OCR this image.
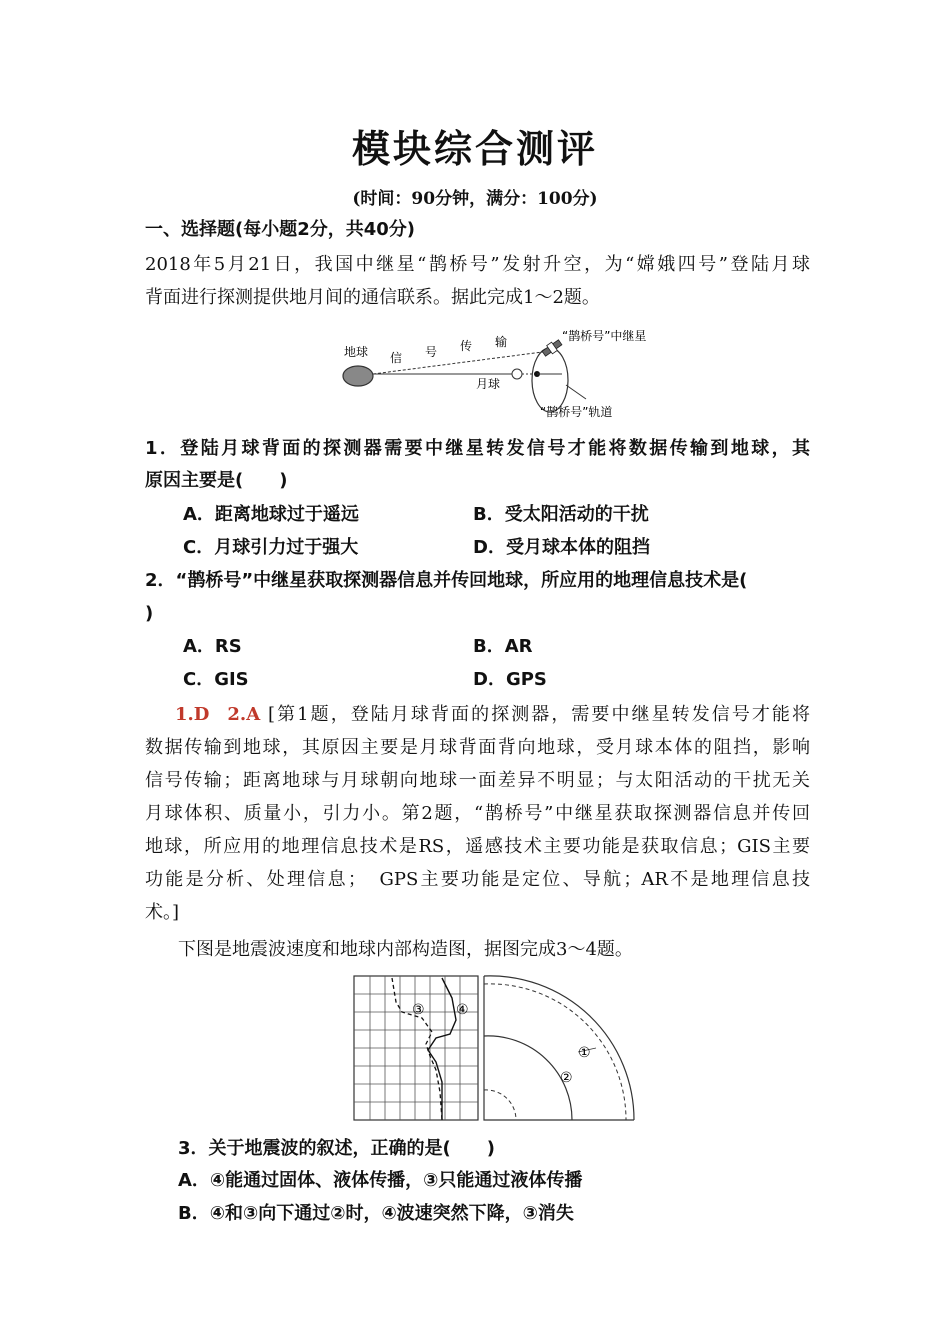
模块综合测评
(时间：90分钟，满分：100分)
一、选择题(每小题2分，共40分)
2018年5月21日，我国中继星“鹊桥号”发射升空，为“嫦娥四号”登陆月球
背面进行探测提供地月间的通信联系。据此完成1～2题。
地球 信 号 传 输
月球
“鹊桥号”中继星
“鹊桥号”轨道
1．登陆月球背面的探测器需要中继星转发信号才能将数据传输到地球，其
原因主要是(　　)
A．距离地球过于遥远	B．受太阳活动的干扰
C．月球引力过于强大	D．受月球本体的阻挡
2．“鹊桥号”中继星获取探测器信息并传回地球，所应用的地理信息技术是(
)
A．RS	B．AR
C．GIS	D．GPS
1.D　2.A [第1题，登陆月球背面的探测器，需要中继星转发信号才能将
数据传输到地球，其原因主要是月球背面背向地球，受月球本体的阻挡，影响
信号传输；距离地球与月球朝向地球一面差异不明显；与太阳活动的干扰无关
月球体积、质量小，引力小。第2题，“鹊桥号”中继星获取探测器信息并传回
地球，所应用的地理信息技术是RS，遥感技术主要功能是获取信息；GIS主要
功能是分析、处理信息；　GPS主要功能是定位、导航；AR不是地理信息技
术。]
下图是地震波速度和地球内部构造图，据图完成3～4题。
③ ④
①
②
3．关于地震波的叙述，正确的是(　　)
A．④能通过固体、液体传播，③只能通过液体传播
B．④和③向下通过②时，④波速突然下降，③消失
